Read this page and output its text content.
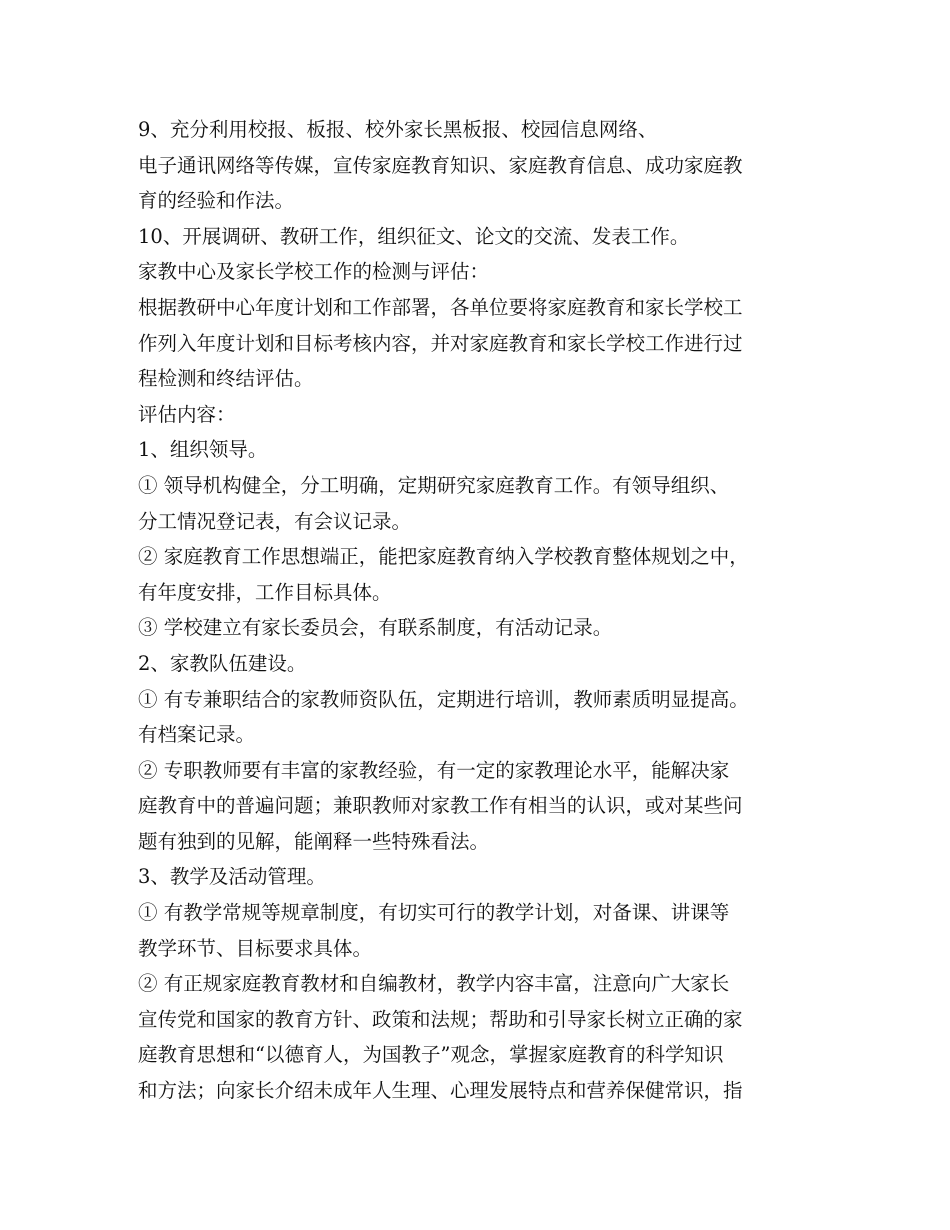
9、充分利用校报、板报、校外家长黑板报、校园信息网络、
电子通讯网络等传媒，宣传家庭教育知识、家庭教育信息、成功家庭教
育的经验和作法。
10、开展调研、教研工作，组织征文、论文的交流、发表工作。
家教中心及家长学校工作的检测与评估：
根据教研中心年度计划和工作部署，各单位要将家庭教育和家长学校工
作列入年度计划和目标考核内容，并对家庭教育和家长学校工作进行过
程检测和终结评估。
评估内容：
1、组织领导。
① 领导机构健全，分工明确，定期研究家庭教育工作。有领导组织、
分工情况登记表，有会议记录。
② 家庭教育工作思想端正，能把家庭教育纳入学校教育整体规划之中，
有年度安排，工作目标具体。
③ 学校建立有家长委员会，有联系制度，有活动记录。
2、家教队伍建设。
① 有专兼职结合的家教师资队伍，定期进行培训，教师素质明显提高。
有档案记录。
② 专职教师要有丰富的家教经验，有一定的家教理论水平，能解决家
庭教育中的普遍问题；兼职教师对家教工作有相当的认识，或对某些问
题有独到的见解，能阐释一些特殊看法。
3、教学及活动管理。
① 有教学常规等规章制度，有切实可行的教学计划，对备课、讲课等
教学环节、目标要求具体。
② 有正规家庭教育教材和自编教材，教学内容丰富，注意向广大家长
宣传党和国家的教育方针、政策和法规；帮助和引导家长树立正确的家
庭教育思想和“以德育人，为国教子”观念，掌握家庭教育的科学知识
和方法；向家长介绍未成年人生理、心理发展特点和营养保健常识，指
